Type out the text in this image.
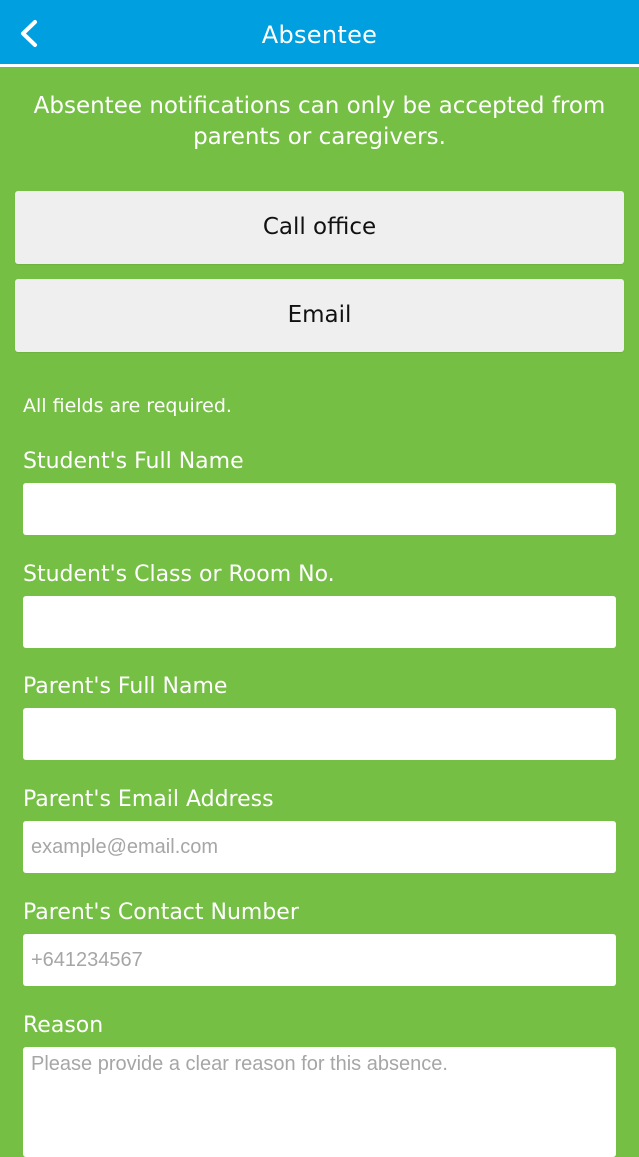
Absentee
Absentee notifications can only be accepted from parents or caregivers.
Call office
Email
All fields are required.
Student's Full Name
Student's Class or Room No.
Parent's Full Name
Parent's Email Address
example@email.com
Parent's Contact Number
+641234567
Reason
Please provide a clear reason for this absence.
